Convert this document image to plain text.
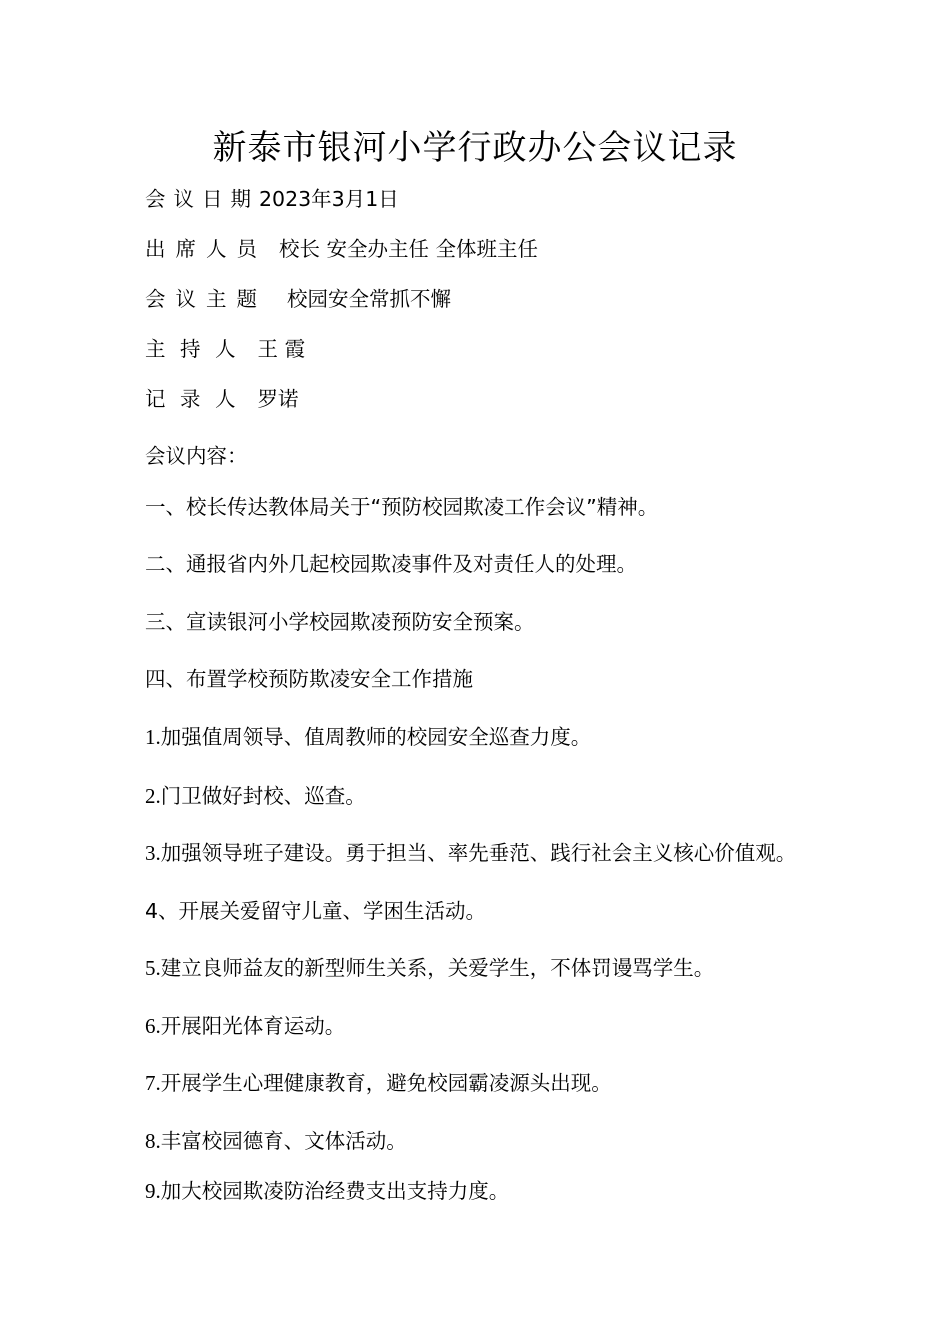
新泰市银河小学行政办公会议记录
会议日期2023年3月1日
出席人员 校长 安全办主任 全体班主任
会议主题 校园安全常抓不懈
主 持 人 王 霞
记 录 人 罗诺
会议内容：
一、校长传达教体局关于“预防校园欺凌工作会议”精神。
二、通报省内外几起校园欺凌事件及对责任人的处理。
三、宣读银河小学校园欺凌预防安全预案。
四、布置学校预防欺凌安全工作措施
1.加强值周领导、值周教师的校园安全巡查力度。
2.门卫做好封校、巡查。
3.加强领导班子建设。勇于担当、率先垂范、践行社会主义核心价值观。
4、开展关爱留守儿童、学困生活动。
5.建立良师益友的新型师生关系，关爱学生，不体罚谩骂学生。
6.开展阳光体育运动。
7.开展学生心理健康教育，避免校园霸凌源头出现。
8.丰富校园德育、文体活动。
9.加大校园欺凌防治经费支出支持力度。
